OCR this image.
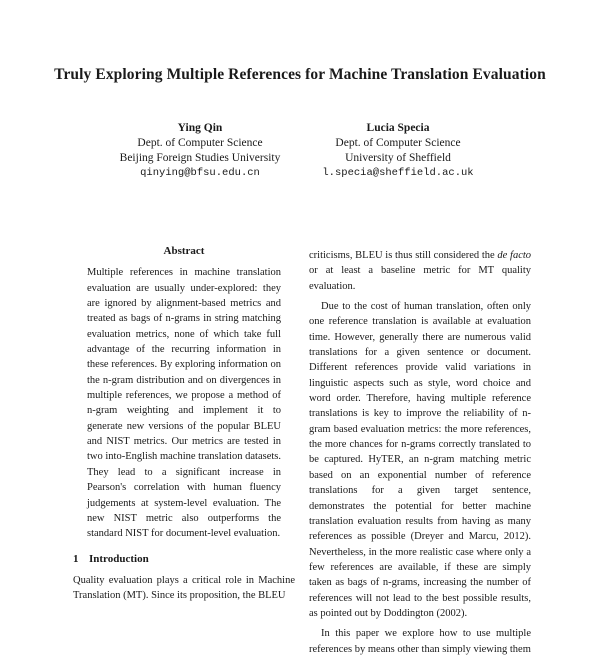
Truly Exploring Multiple References for Machine Translation Evaluation
Ying Qin
Dept. of Computer Science
Beijing Foreign Studies University
qinying@bfsu.edu.cn
Lucia Specia
Dept. of Computer Science
University of Sheffield
l.specia@sheffield.ac.uk
Abstract

Multiple references in machine translation evaluation are usually under-explored: they are ignored by alignment-based metrics and treated as bags of n-grams in string matching evaluation metrics, none of which take full advantage of the recurring information in these references. By exploring information on the n-gram distribution and on divergences in multiple references, we propose a method of n-gram weighting and implement it to generate new versions of the popular BLEU and NIST metrics. Our metrics are tested in two into-English machine translation datasets. They lead to a significant increase in Pearson's correlation with human fluency judgements at system-level evaluation. The new NIST metric also outperforms the standard NIST for document-level evaluation.

1 Introduction

Quality evaluation plays a critical role in Machine Translation (MT). Since its proposition, the BLEU

criticisms, BLEU is thus still considered the de facto or at least a baseline metric for MT quality evaluation.

Due to the cost of human translation, often only one reference translation is available at evaluation time. However, generally there are numerous valid translations for a given sentence or document. Different references provide valid variations in linguistic aspects such as style, word choice and word order. Therefore, having multiple reference translations is key to improve the reliability of n-gram based evaluation metrics: the more references, the more chances for n-grams correctly translated to be captured. HyTER, an n-gram matching metric based on an exponential number of reference translations for a given target sentence, demonstrates the potential for better machine translation evaluation results from having as many references as possible (Dreyer and Marcu, 2012). Nevertheless, in the more realistic case where only a few references are available, if these are simply taken as bags of n-grams, increasing the number of references will not lead to the best possible results, as pointed out by Doddington (2002).

In this paper we explore how to use multiple references by means other than simply viewing them
